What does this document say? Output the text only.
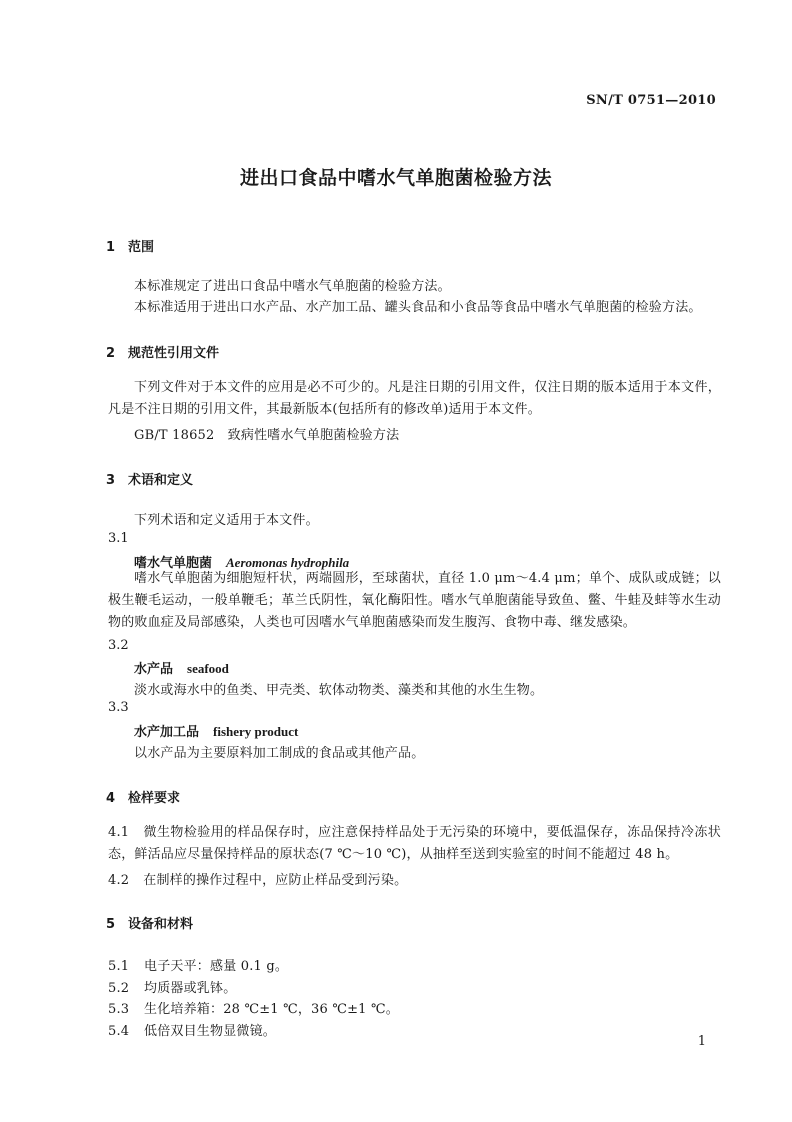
SN/T 0751—2010
进出口食品中嗜水气单胞菌检验方法
1 范围
本标准规定了进出口食品中嗜水气单胞菌的检验方法。
本标准适用于进出口水产品、水产加工品、罐头食品和小食品等食品中嗜水气单胞菌的检验方法。
2 规范性引用文件
下列文件对于本文件的应用是必不可少的。凡是注日期的引用文件，仅注日期的版本适用于本文件，凡是不注日期的引用文件，其最新版本(包括所有的修改单)适用于本文件。
GB/T 18652　致病性嗜水气单胞菌检验方法
3 术语和定义
下列术语和定义适用于本文件。
3.1
嗜水气单胞菌 Aeromonas hydrophila
嗜水气单胞菌为细胞短杆状，两端圆形，至球菌状，直径 1.0 μm～4.4 μm；单个、成队或成链；以极生鞭毛运动，一般单鞭毛；革兰氏阴性，氧化酶阳性。嗜水气单胞菌能导致鱼、鳖、牛蛙及蚌等水生动物的败血症及局部感染，人类也可因嗜水气单胞菌感染而发生腹泻、食物中毒、继发感染。
3.2
水产品 seafood
淡水或海水中的鱼类、甲壳类、软体动物类、藻类和其他的水生生物。
3.3
水产加工品 fishery product
以水产品为主要原料加工制成的食品或其他产品。
4 检样要求
4.1 微生物检验用的样品保存时，应注意保持样品处于无污染的环境中，要低温保存，冻品保持冷冻状态，鲜活品应尽量保持样品的原状态(7 ℃～10 ℃)，从抽样至送到实验室的时间不能超过 48 h。
4.2 在制样的操作过程中，应防止样品受到污染。
5 设备和材料
5.1 电子天平：感量 0.1 g。
5.2 均质器或乳钵。
5.3 生化培养箱：28 ℃±1 ℃，36 ℃±1 ℃。
5.4 低倍双目生物显微镜。
1
